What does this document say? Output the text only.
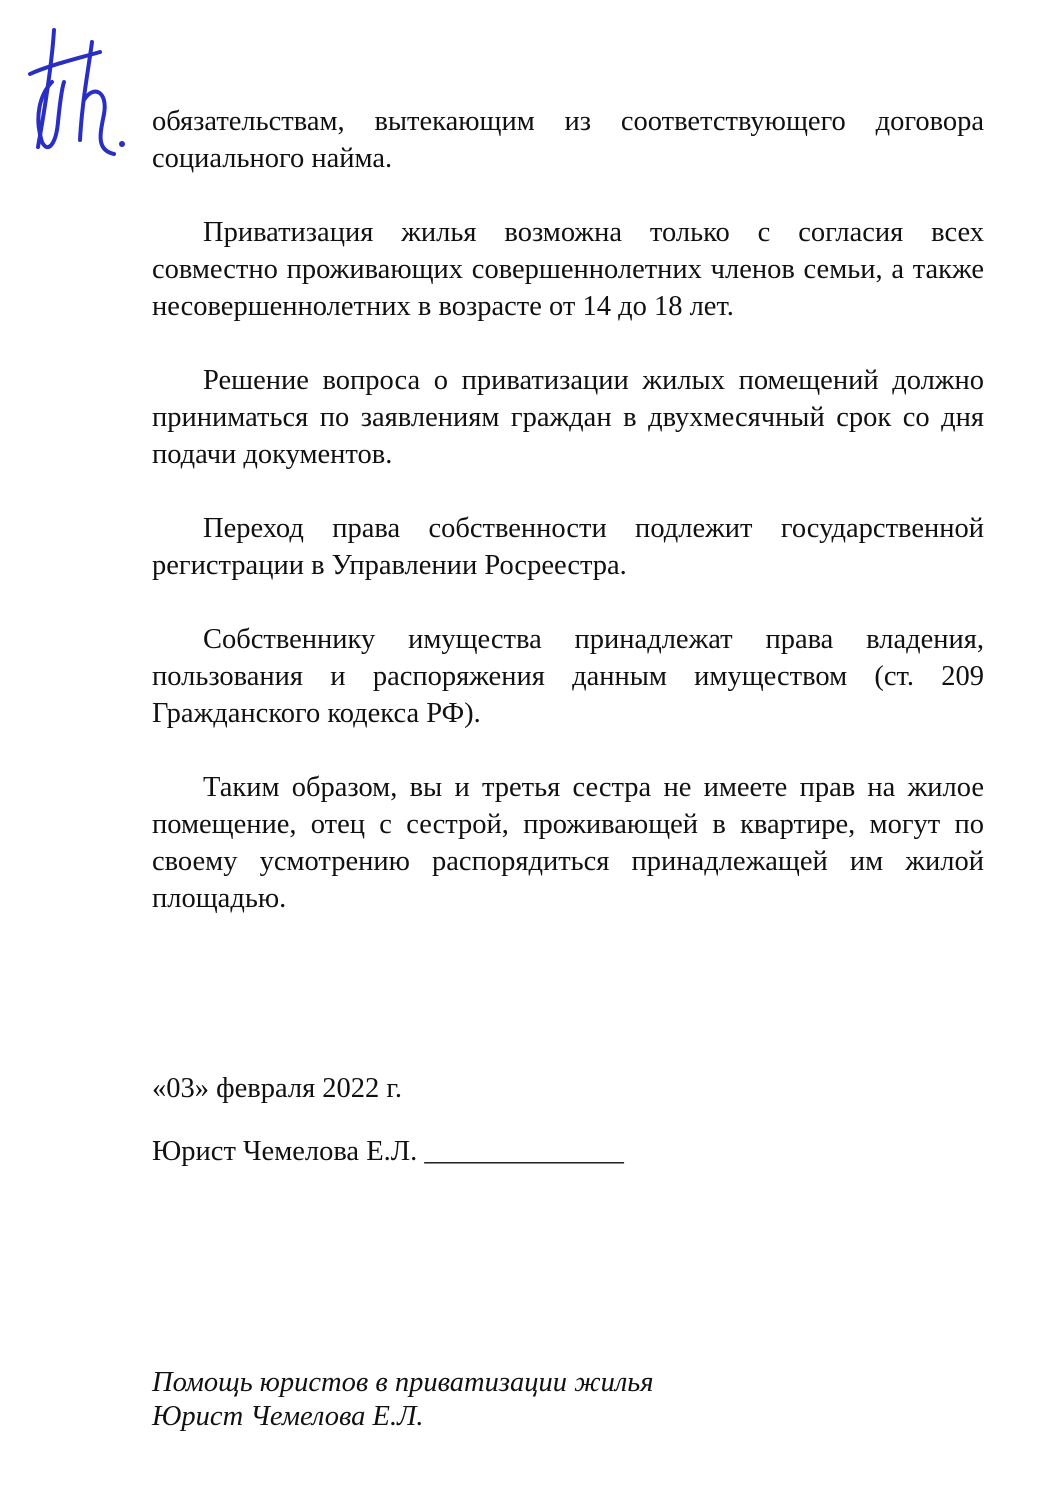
обязательствам, вытекающим из соответствующего договора социального найма.

Приватизация жилья возможна только с согласия всех совместно проживающих совершеннолетних членов семьи, а также несовершеннолетних в возрасте от 14 до 18 лет.

Решение вопроса о приватизации жилых помещений должно приниматься по заявлениям граждан в двухмесячный срок со дня подачи документов.

Переход права собственности подлежит государственной регистрации в Управлении Росреестра.

Собственнику имущества принадлежат права владения, пользования и распоряжения данным имуществом (ст. 209 Гражданского кодекса РФ).

Таким образом, вы и третья сестра не имеете прав на жилое помещение, отец с сестрой, проживающей в квартире, могут по своему усмотрению распорядиться принадлежащей им жилой площадью.

«03» февраля 2022 г.

Юрист Чемелова Е.Л. ______________

Помощь юристов в приватизации жилья

Юрист Чемелова Е.Л.
